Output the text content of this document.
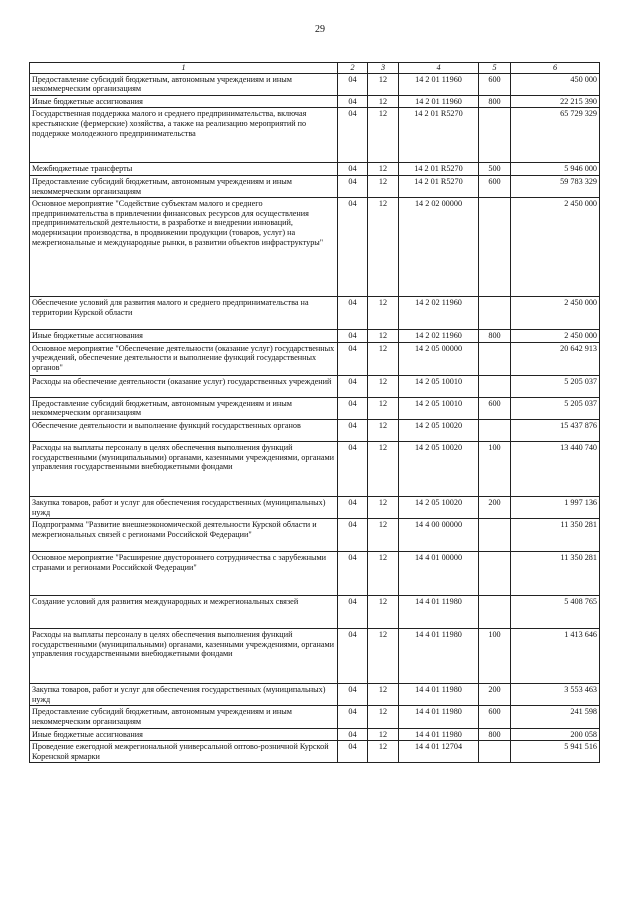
29
1	2	3	4	5	6
Предоставление субсидий бюджетным, автономным учреждениям и иным некоммерческим организациям	04	12	14 2 01 11960	600	450 000
Иные бюджетные ассигнования	04	12	14 2 01 11960	800	22 215 390
Государственная поддержка малого и среднего предпринимательства, включая крестьянские (фермерские) хозяйства, а также на реализацию мероприятий по поддержке молодежного предпринимательства	04	12	14 2 01 R5270		65 729 329
Межбюджетные трансферты	04	12	14 2 01 R5270	500	5 946 000
Предоставление субсидий бюджетным, автономным учреждениям и иным некоммерческим организациям	04	12	14 2 01 R5270	600	59 783 329
Основное мероприятие "Содействие субъектам малого и среднего предпринимательства в привлечении финансовых ресурсов для осуществления предпринимательской деятельности, в разработке и внедрении инноваций, модернизации производства, в продвижении продукции (товаров, услуг) на межрегиональные и международные рынки, в развитии объектов инфраструктуры"	04	12	14 2 02 00000		2 450 000
Обеспечение условий для развития малого и среднего предпринимательства на территории Курской области	04	12	14 2 02 11960		2 450 000
Иные бюджетные ассигнования	04	12	14 2 02 11960	800	2 450 000
Основное мероприятие "Обеспечение деятельности (оказание услуг) государственных учреждений, обеспечение деятельности и выполнение функций государственных органов"	04	12	14 2 05 00000		20 642 913
Расходы на обеспечение деятельности (оказание услуг) государственных учреждений	04	12	14 2 05 10010		5 205 037
Предоставление субсидий бюджетным, автономным учреждениям и иным некоммерческим организациям	04	12	14 2 05 10010	600	5 205 037
Обеспечение деятельности и выполнение функций государственных органов	04	12	14 2 05 10020		15 437 876
Расходы на выплаты персоналу в целях обеспечения выполнения функций государственными (муниципальными) органами, казенными учреждениями, органами управления государственными внебюджетными фондами	04	12	14 2 05 10020	100	13 440 740
Закупка товаров, работ и услуг для обеспечения государственных (муниципальных) нужд	04	12	14 2 05 10020	200	1 997 136
Подпрограмма "Развитие внешнеэкономической деятельности Курской области и межрегиональных связей с регионами Российской Федерации"	04	12	14 4 00 00000		11 350 281
Основное мероприятие "Расширение двустороннего сотрудничества с зарубежными странами и регионами Российской Федерации"	04	12	14 4 01 00000		11 350 281
Создание условий для развития международных и межрегиональных связей	04	12	14 4 01 11980		5 408 765
Расходы на выплаты персоналу в целях обеспечения выполнения функций государственными (муниципальными) органами, казенными учреждениями, органами управления государственными внебюджетными фондами	04	12	14 4 01 11980	100	1 413 646
Закупка товаров, работ и услуг для обеспечения государственных (муниципальных) нужд	04	12	14 4 01 11980	200	3 553 463
Предоставление субсидий бюджетным, автономным учреждениям и иным некоммерческим организациям	04	12	14 4 01 11980	600	241 598
Иные бюджетные ассигнования	04	12	14 4 01 11980	800	200 058
Проведение ежегодной межрегиональной универсальной оптово-розничной Курской Коренской ярмарки	04	12	14 4 01 12704		5 941 516
